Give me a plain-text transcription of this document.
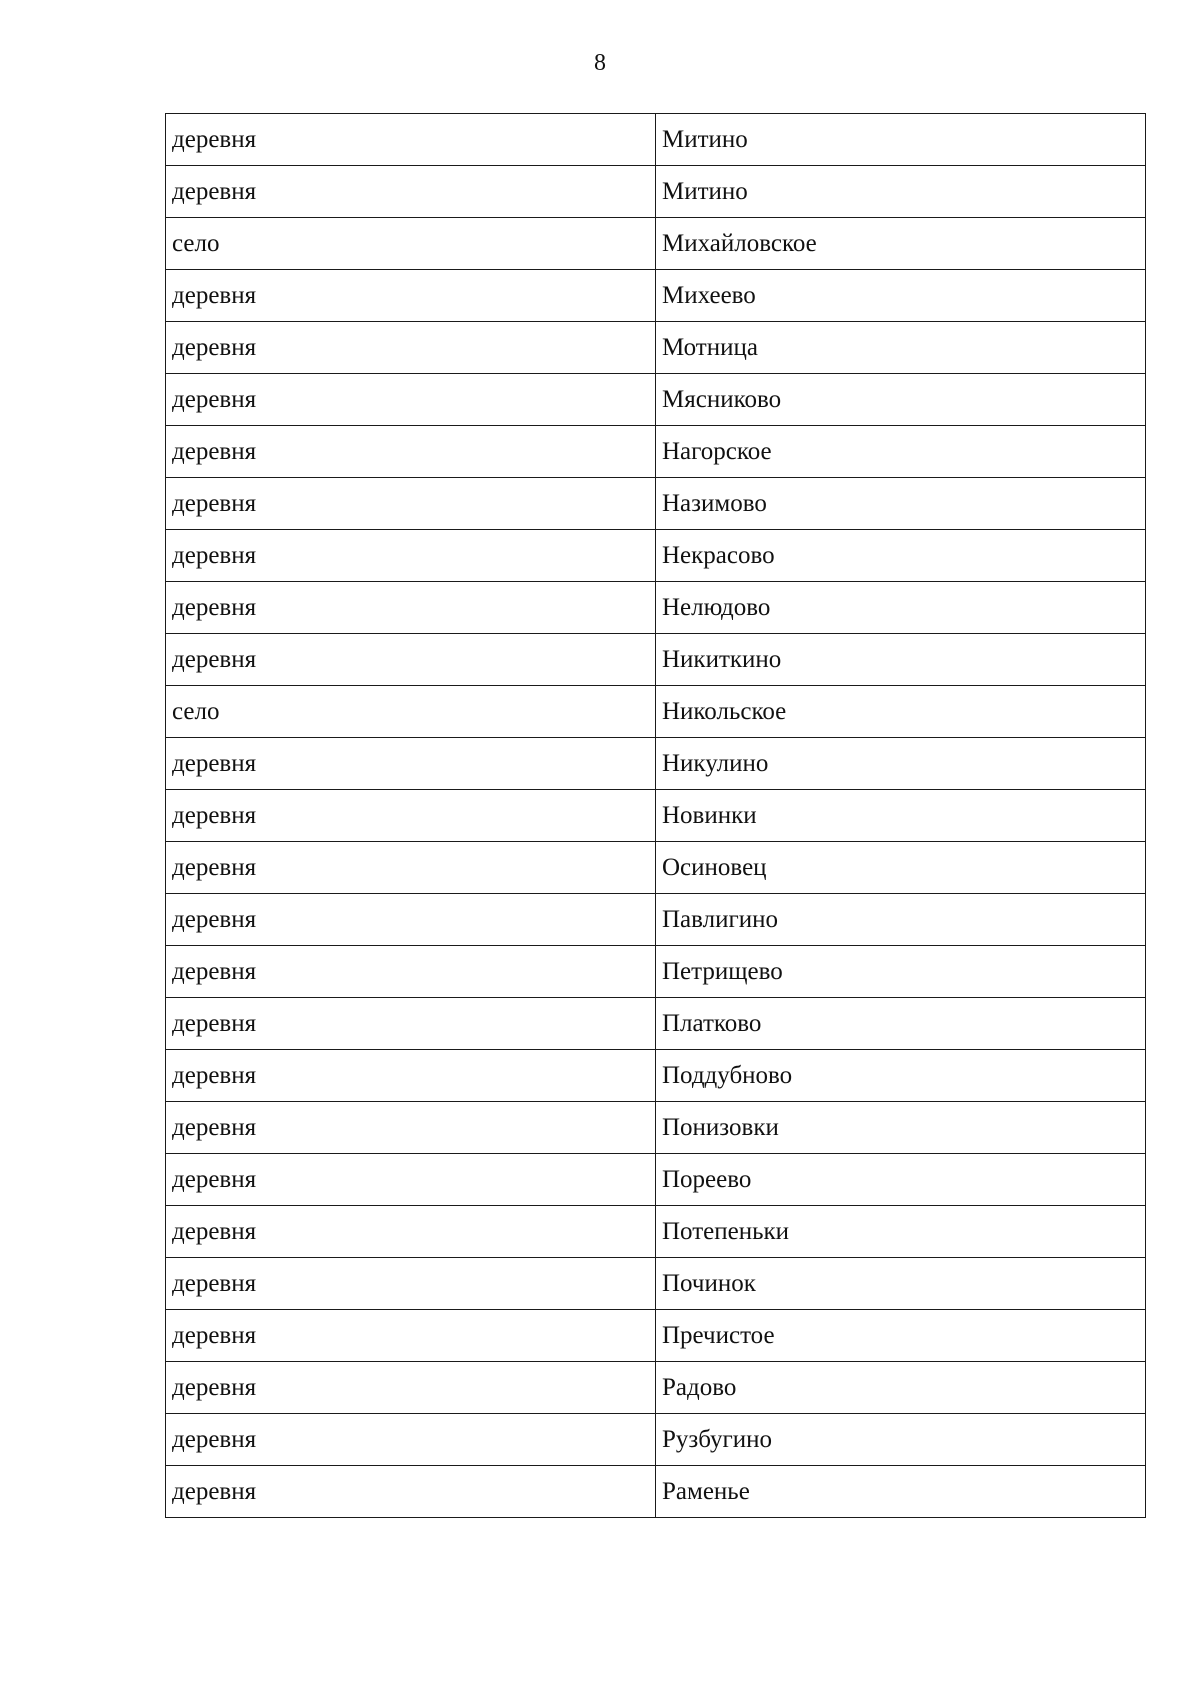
8
деревня	Митино
деревня	Митино
село	Михайловское
деревня	Михеево
деревня	Мотница
деревня	Мясниково
деревня	Нагорское
деревня	Назимово
деревня	Некрасово
деревня	Нелюдово
деревня	Никиткино
село	Никольское
деревня	Никулино
деревня	Новинки
деревня	Осиновец
деревня	Павлигино
деревня	Петрищево
деревня	Платково
деревня	Поддубново
деревня	Понизовки
деревня	Пореево
деревня	Потепеньки
деревня	Починок
деревня	Пречистое
деревня	Радово
деревня	Рузбугино
деревня	Раменье
